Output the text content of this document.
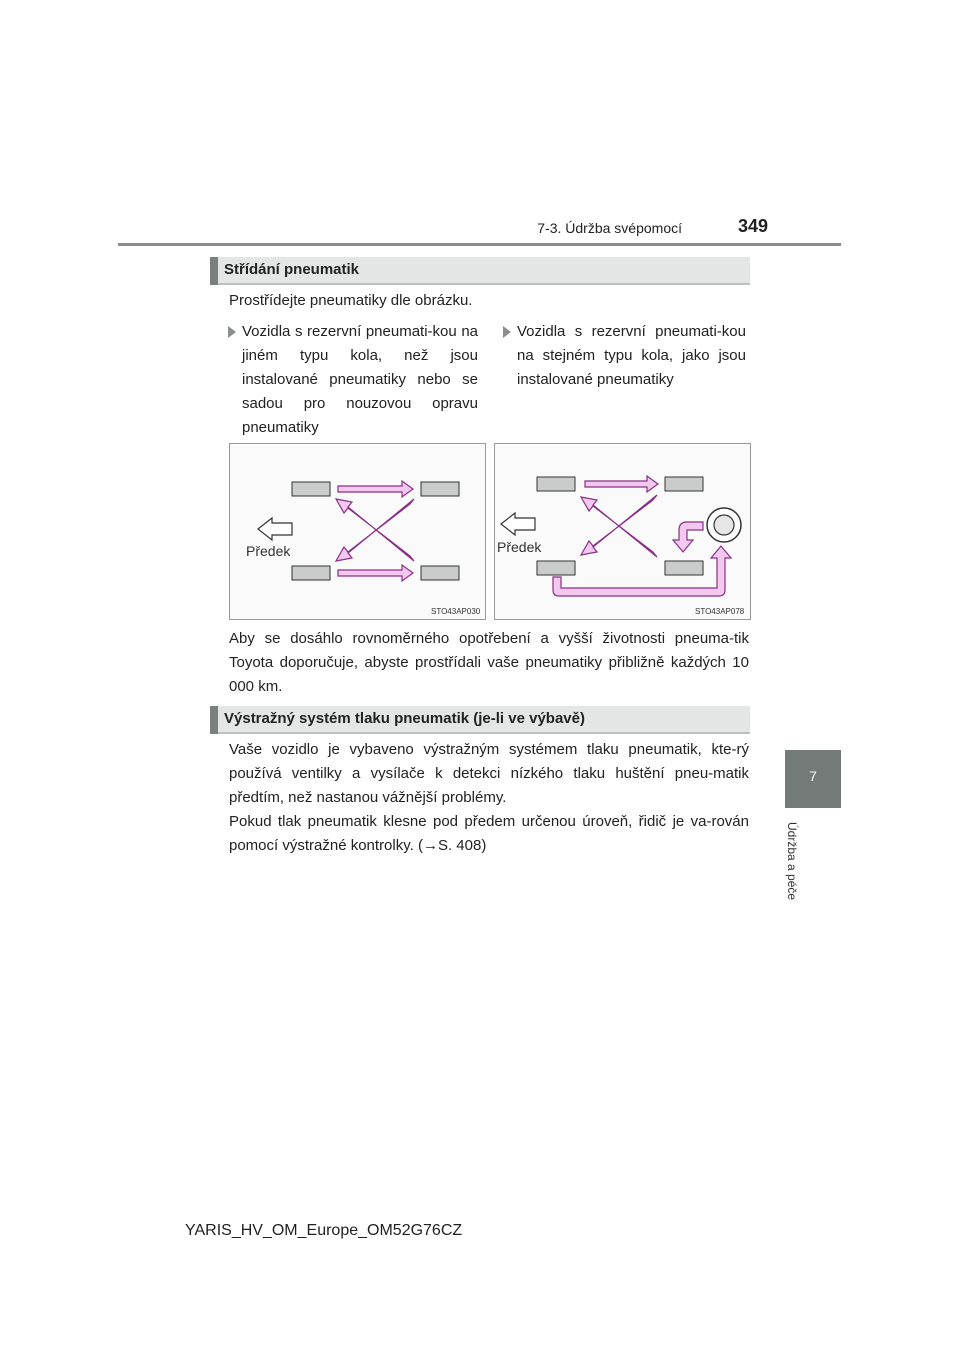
7-3. Údržba svépomocí	349
7
Údržba a péče
Střídání pneumatik
Prostřídejte pneumatiky dle obrázku.
Vozidla s rezervní pneumati-kou na jiném typu kola, než jsou instalované pneumatiky nebo se sadou pro nouzovou opravu pneumatiky
Vozidla s rezervní pneumati-kou na stejném typu kola, jako jsou instalované pneumatiky
Předek
STO43AP030
Předek
STO43AP078
Aby se dosáhlo rovnoměrného opotřebení a vyšší životnosti pneuma-tik Toyota doporučuje, abyste prostřídali vaše pneumatiky přibližně každých 10 000 km.
Výstražný systém tlaku pneumatik (je-li ve výbavě)
Vaše vozidlo je vybaveno výstražným systémem tlaku pneumatik, kte-rý používá ventilky a vysílače k detekci nízkého tlaku huštění pneu-matik předtím, než nastanou vážnější problémy.
Pokud tlak pneumatik klesne pod předem určenou úroveň, řidič je va-rován pomocí výstražné kontrolky. (→S. 408)
YARIS_HV_OM_Europe_OM52G76CZ
